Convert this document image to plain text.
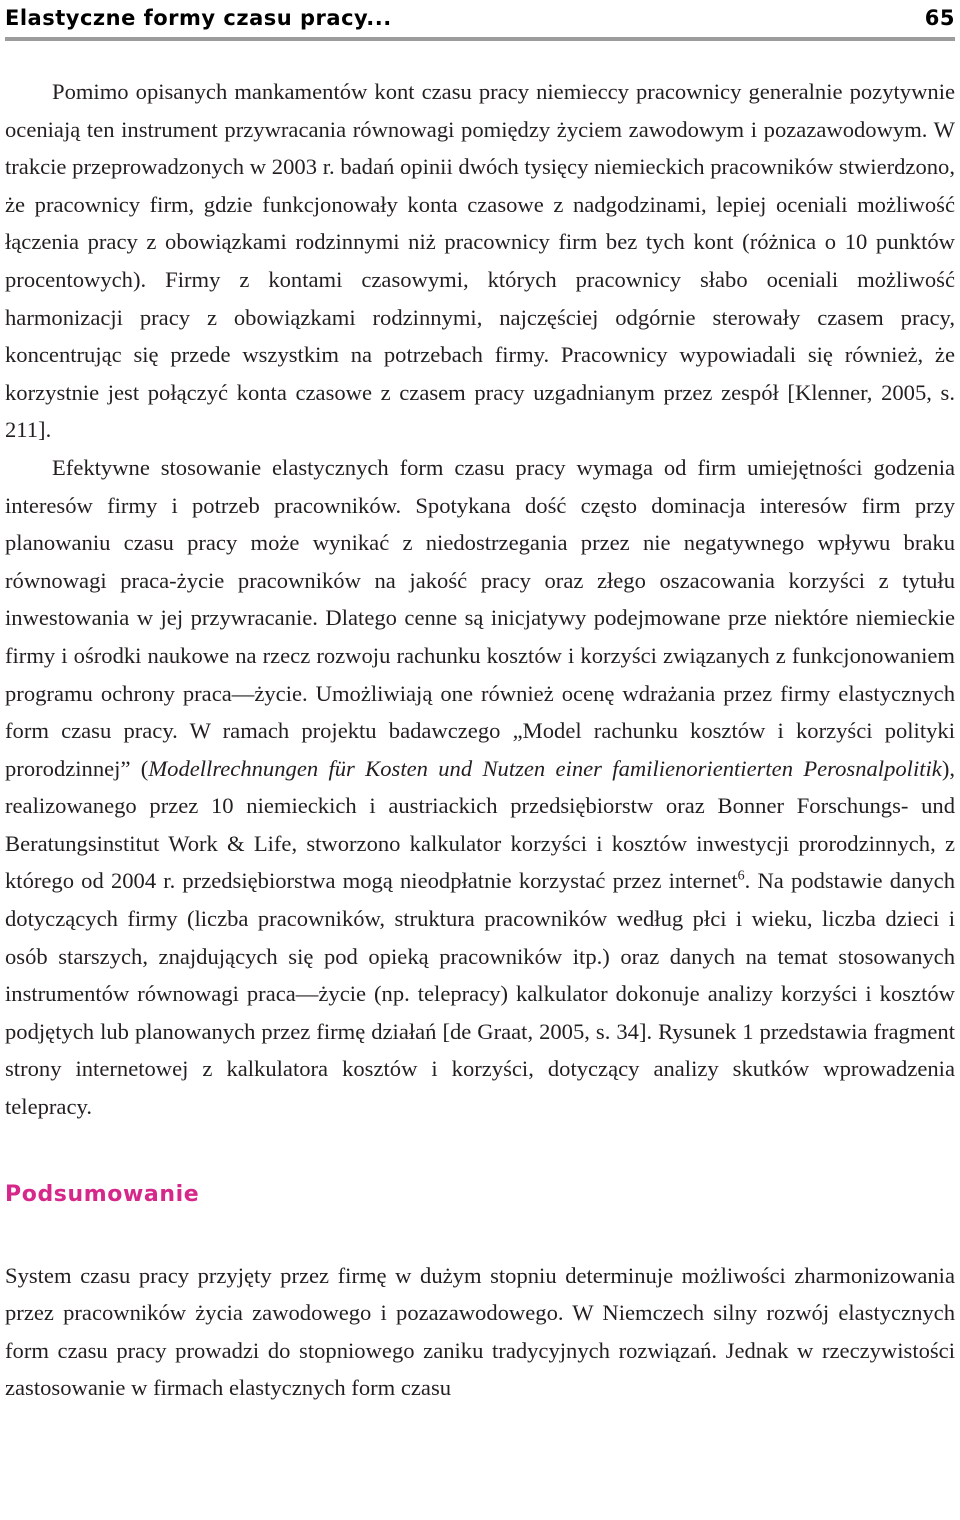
Elastyczne formy czasu pracy...	65

Pomimo opisanych mankamentów kont czasu pracy niemieccy pracownicy generalnie pozytywnie oceniają ten instrument przywracania równowagi pomiędzy życiem zawodowym i pozazawodowym. W trakcie przeprowadzonych w 2003 r. badań opinii dwóch tysięcy niemieckich pracowników stwierdzono, że pracownicy firm, gdzie funkcjonowały konta czasowe z nadgodzinami, lepiej oceniali możliwość łączenia pracy z obowiązkami rodzinnymi niż pracownicy firm bez tych kont (różnica o 10 punktów procentowych). Firmy z kontami czasowymi, których pracownicy słabo oceniali możliwość harmonizacji pracy z obowiązkami rodzinnymi, najczęściej odgórnie sterowały czasem pracy, koncentrując się przede wszystkim na potrzebach firmy. Pracownicy wypowiadali się również, że korzystnie jest połączyć konta czasowe z czasem pracy uzgadnianym przez zespół [Klenner, 2005, s. 211].

Efektywne stosowanie elastycznych form czasu pracy wymaga od firm umiejętności godzenia interesów firmy i potrzeb pracowników. Spotykana dość często dominacja interesów firm przy planowaniu czasu pracy może wynikać z niedostrzegania przez nie negatywnego wpływu braku równowagi praca-życie pracowników na jakość pracy oraz złego oszacowania korzyści z tytułu inwestowania w jej przywracanie. Dlatego cenne są inicjatywy podejmowane prze niektóre niemieckie firmy i ośrodki naukowe na rzecz rozwoju rachunku kosztów i korzyści związanych z funkcjonowaniem programu ochrony praca—życie. Umożliwiają one również ocenę wdrażania przez firmy elastycznych form czasu pracy. W ramach projektu badawczego „Model rachunku kosztów i korzyści polityki prorodzinnej” (Modellrechnungen für Kosten und Nutzen einer familienorientierten Perosnalpolitik), realizowanego przez 10 niemieckich i austriackich przedsiębiorstw oraz Bonner Forschungs- und Beratungsinstitut Work & Life, stworzono kalkulator korzyści i kosztów inwestycji prorodzinnych, z którego od 2004 r. przedsiębiorstwa mogą nieodpłatnie korzystać przez internet$^6$. Na podstawie danych dotyczących firmy (liczba pracowników, struktura pracowników według płci i wieku, liczba dzieci i osób starszych, znajdujących się pod opieką pracowników itp.) oraz danych na temat stosowanych instrumentów równowagi praca—życie (np. telepracy) kalkulator dokonuje analizy korzyści i kosztów podjętych lub planowanych przez firmę działań [de Graat, 2005, s. 34]. Rysunek 1 przedstawia fragment strony internetowej z kalkulatora kosztów i korzyści, dotyczący analizy skutków wprowadzenia telepracy.

Podsumowanie

System czasu pracy przyjęty przez firmę w dużym stopniu determinuje możliwości zharmonizowania przez pracowników życia zawodowego i pozazawodowego. W Niemczech silny rozwój elastycznych form czasu pracy prowadzi do stopniowego zaniku tradycyjnych rozwiązań. Jednak w rzeczywistości zastosowanie w firmach elastycznych form czasu
